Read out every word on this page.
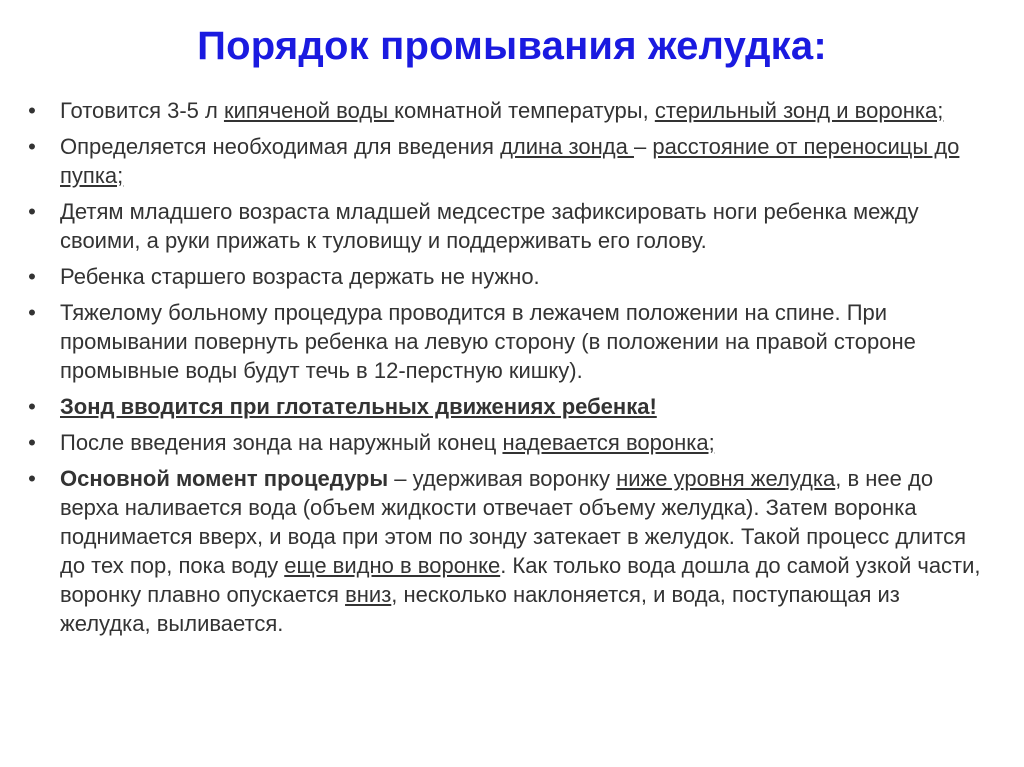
Порядок промывания желудка:
• Готовится 3-5 л кипяченой воды комнатной температуры, стерильный зонд и воронка;
• Определяется необходимая для введения длина зонда – расстояние от переносицы до пупка;
• Детям младшего возраста младшей медсестре зафиксировать ноги ребенка между своими, а руки прижать к туловищу и поддерживать его голову.
• Ребенка старшего возраста держать не нужно.
• Тяжелому больному процедура проводится в лежачем положении на спине. При промывании повернуть ребенка на левую сторону (в положении на правой стороне промывные воды будут течь в 12-перстную кишку).
• Зонд вводится при глотательных движениях ребенка!
• После введения зонда на наружный конец надевается воронка;
• Основной момент процедуры – удерживая воронку ниже уровня желудка, в нее до верха наливается вода (объем жидкости отвечает объему желудка). Затем воронка поднимается вверх, и вода при этом по зонду затекает в желудок. Такой процесс длится до тех пор, пока воду еще видно в воронке. Как только вода дошла до самой узкой части, воронку плавно опускается вниз, несколько наклоняется, и вода, поступающая из желудка, выливается.
